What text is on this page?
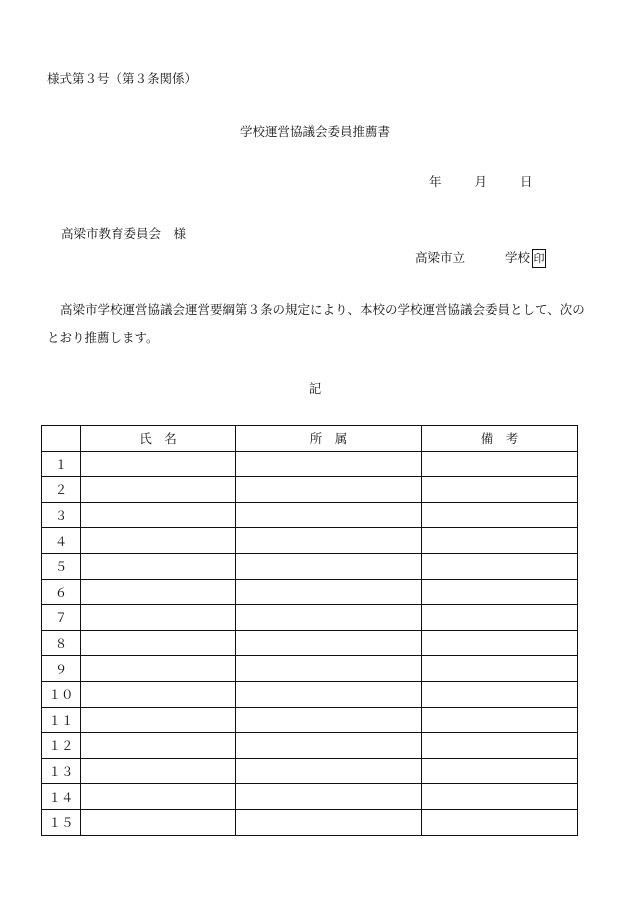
様式第３号（第３条関係）
学校運営協議会委員推薦書
年	月	日
高梁市教育委員会　様
高梁市立	学校 印
高梁市学校運営協議会運営要綱第３条の規定により、本校の学校運営協議会委員として、次のとおり推薦します。
記
	氏　名	所　属	備　考
１			
２			
３			
４			
５			
６			
７			
８			
９			
１０			
１１			
１２			
１３			
１４			
１５			
